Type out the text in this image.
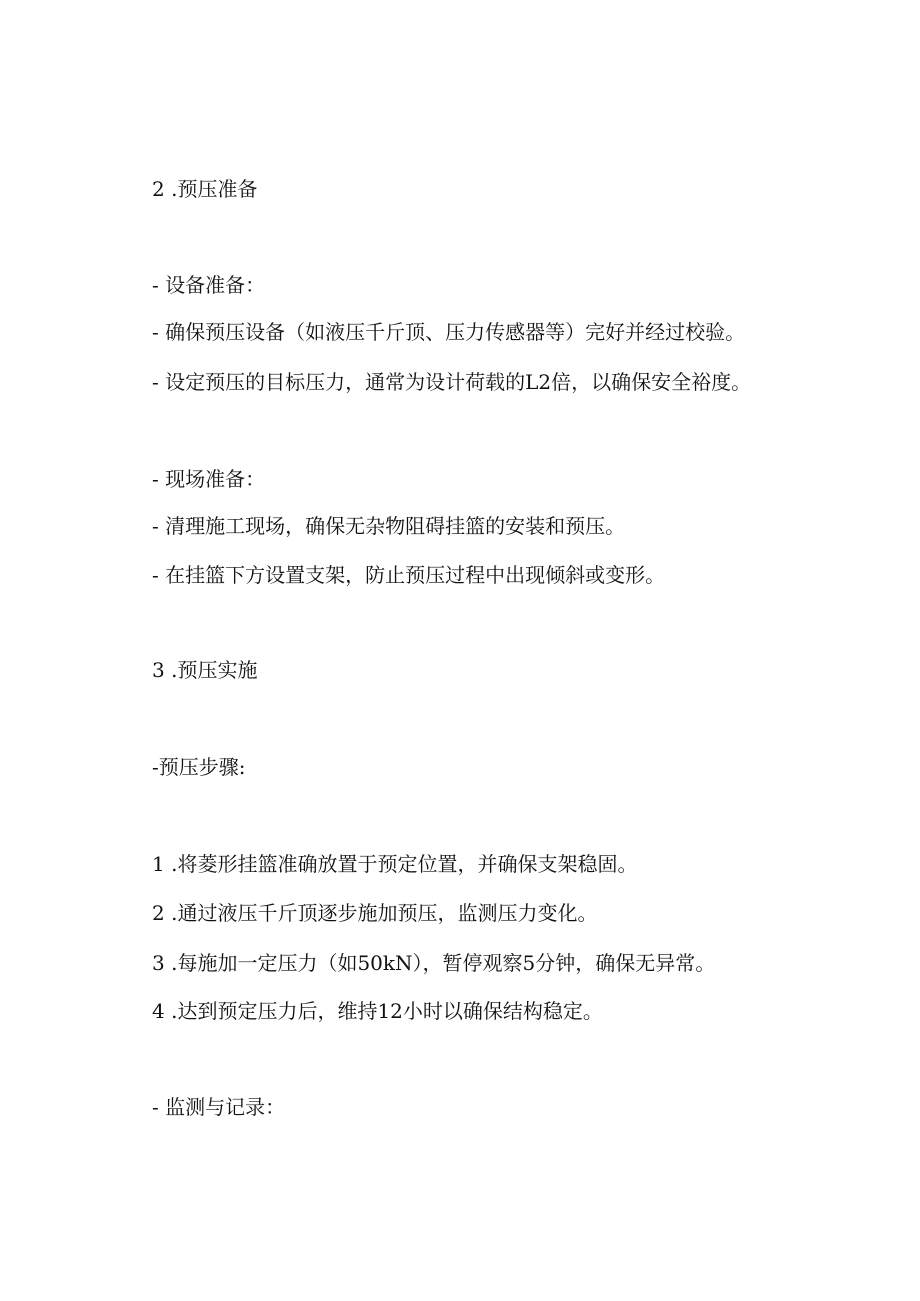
2 .预压准备
- 设备准备：
- 确保预压设备（如液压千斤顶、压力传感器等）完好并经过校验。
- 设定预压的目标压力，通常为设计荷载的L2倍，以确保安全裕度。
- 现场准备：
- 清理施工现场，确保无杂物阻碍挂篮的安装和预压。
- 在挂篮下方设置支架，防止预压过程中出现倾斜或变形。
3 .预压实施
-预压步骤:
1 .将菱形挂篮准确放置于预定位置，并确保支架稳固。
2 .通过液压千斤顶逐步施加预压，监测压力变化。
3 .每施加一定压力（如50kN），暂停观察5分钟，确保无异常。
4 .达到预定压力后，维持12小时以确保结构稳定。
- 监测与记录：
